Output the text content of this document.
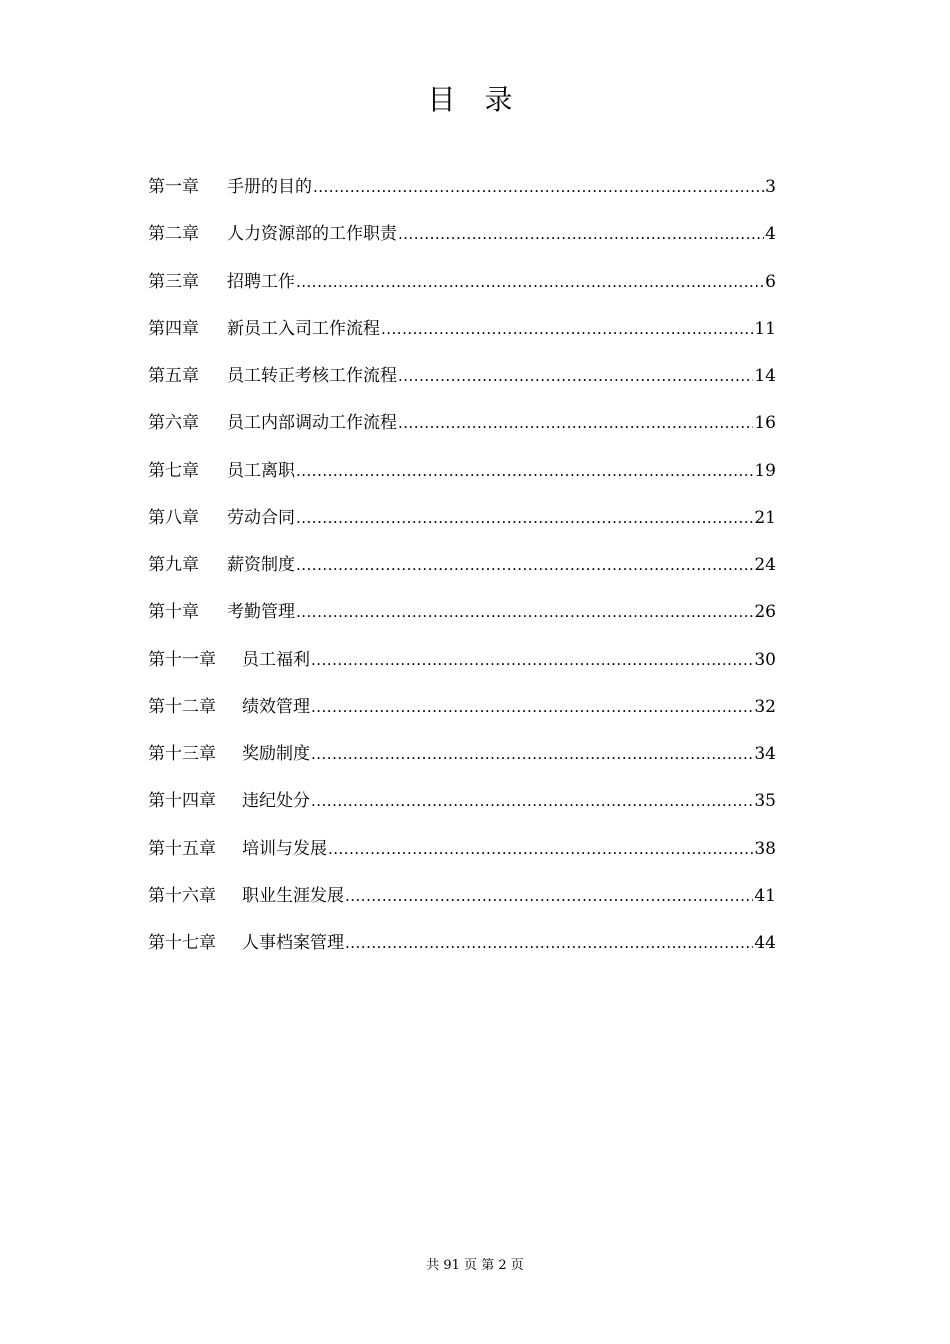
目 录
第一章 手册的目的 .....	3
第二章 人力资源部的工作职责 .....	4
第三章 招聘工作 .....	6
第四章 新员工入司工作流程 .....	11
第五章 员工转正考核工作流程 .....	14
第六章 员工内部调动工作流程 .....	16
第七章 员工离职 .....	19
第八章 劳动合同 .....	21
第九章 薪资制度 .....	24
第十章 考勤管理 .....	26
第十一章 员工福利 .....	30
第十二章 绩效管理 .....	32
第十三章 奖励制度 .....	34
第十四章 违纪处分 .....	35
第十五章 培训与发展 .....	38
第十六章 职业生涯发展 .....	41
第十七章 人事档案管理 .....	44
共 91 页 第 2 页
